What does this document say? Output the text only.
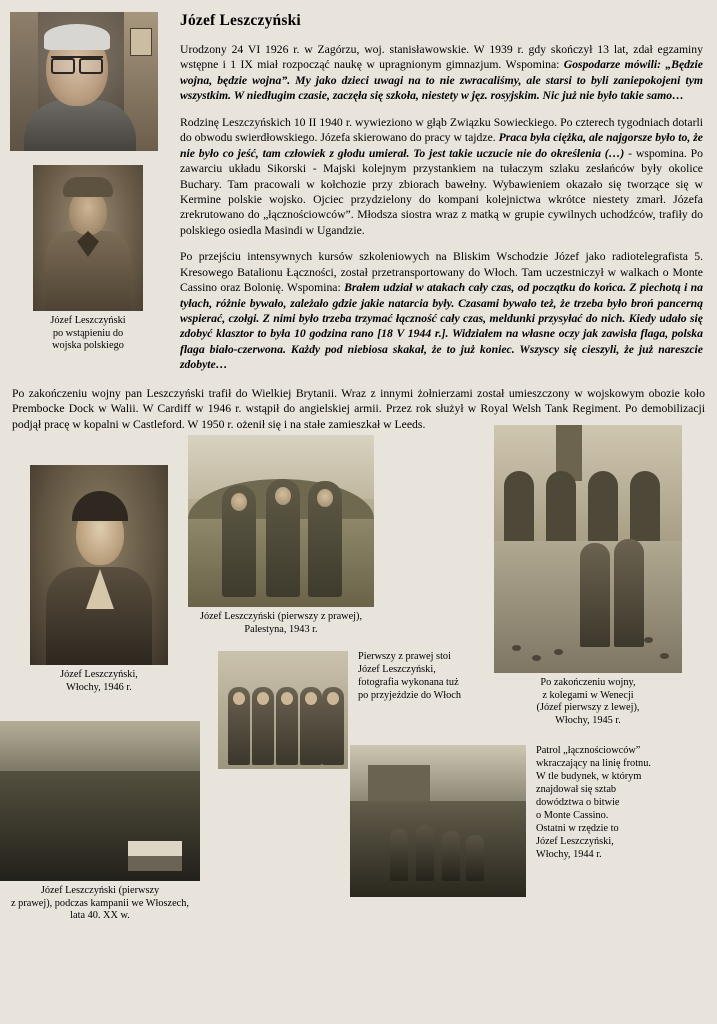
Józef Leszczyński
po wstąpieniu do
wojska polskiego
Józef Leszczyński

Urodzony 24 VI 1926 r. w Zagórzu, woj. stanisławowskie. W 1939 r. gdy skończył 13 lat, zdał egzaminy wstępne i 1 IX miał rozpocząć naukę w upragnionym gimnazjum. Wspomina: Gospodarze mówili: „Będzie wojna, będzie wojna”. My jako dzieci uwagi na to nie zwracaliśmy, ale starsi to byli zaniepokojeni tym wszystkim. W niedługim czasie, zaczęła się szkoła, niestety w jęz. rosyjskim. Nic już nie było takie samo…

Rodzinę Leszczyńskich 10 II 1940 r. wywieziono w głąb Związku Sowieckiego. Po czterech tygodniach dotarli do obwodu swierdłowskiego. Józefa skierowano do pracy w tajdze. Praca była ciężka, ale najgorsze było to, że nie było co jeść, tam człowiek z głodu umierał. To jest takie uczucie nie do określenia (…) - wspomina. Po zawarciu układu Sikorski - Majski kolejnym przystankiem na tułaczym szlaku zesłańców były okolice Buchary. Tam pracowali w kołchozie przy zbiorach bawełny. Wybawieniem okazało się tworzące się w Kermine polskie wojsko. Ojciec przydzielony do kompani kolejnictwa wkrótce niestety zmarł. Józefa zrekrutowano do „łącznościowców”. Młodsza siostra wraz z matką w grupie cywilnych uchodźców, trafiły do polskiego osiedla Masindi w Ugandzie.

Po przejściu intensywnych kursów szkoleniowych na Bliskim Wschodzie Józef jako radiotelegrafista 5. Kresowego Batalionu Łączności, został przetransportowany do Włoch. Tam uczestniczył w walkach o Monte Cassino oraz Bolonię. Wspomina: Brałem udział w atakach cały czas, od początku do końca. Z piechotą i na tyłach, różnie bywało, zależało gdzie jakie natarcia były. Czasami bywało też, że trzeba było broń pancerną wspierać, czołgi. Z nimi było trzeba trzymać łączność cały czas, meldunki przysyłać do nich. Kiedy udało się zdobyć klasztor to była 10 godzina rano [18 V 1944 r.]. Widziałem na własne oczy jak zawisła flaga, polska flaga biało-czerwona. Każdy pod niebiosa skakał, że to już koniec. Wszyscy się cieszyli, że już nareszcie zdobyte…

Po zakończeniu wojny pan Leszczyński trafił do Wielkiej Brytanii. Wraz z innymi żołnierzami został umieszczony w wojskowym obozie koło Prembocke Dock w Walii. W Cardiff w 1946 r. wstąpił do angielskiej armii. Przez rok służył w Royal Welsh Tank Regiment. Po demobilizacji podjął pracę w kopalni w Castleford. W 1950 r. ożenił się i na stałe zamieszkał w Leeds.

Józef Leszczyński,
Włochy, 1946 r.
Józef Leszczyński (pierwszy z prawej),
Palestyna, 1943 r.
Po zakończeniu wojny,
z kolegami w Wenecji
(Józef pierwszy z lewej),
Włochy, 1945 r.
Pierwszy z prawej stoi
Józef Leszczyński,
fotografia wykonana tuż
po przyjeździe do Włoch
Józef Leszczyński (pierwszy
z prawej), podczas kampanii we Włoszech,
lata 40. XX w.
Patrol „łącznościowców”
wkraczający na linię frotnu.
W tle budynek, w którym
znajdował się sztab
dowództwa o bitwie
o Monte Cassino.
Ostatni w rzędzie to
Józef Leszczyński,
Włochy, 1944 r.
